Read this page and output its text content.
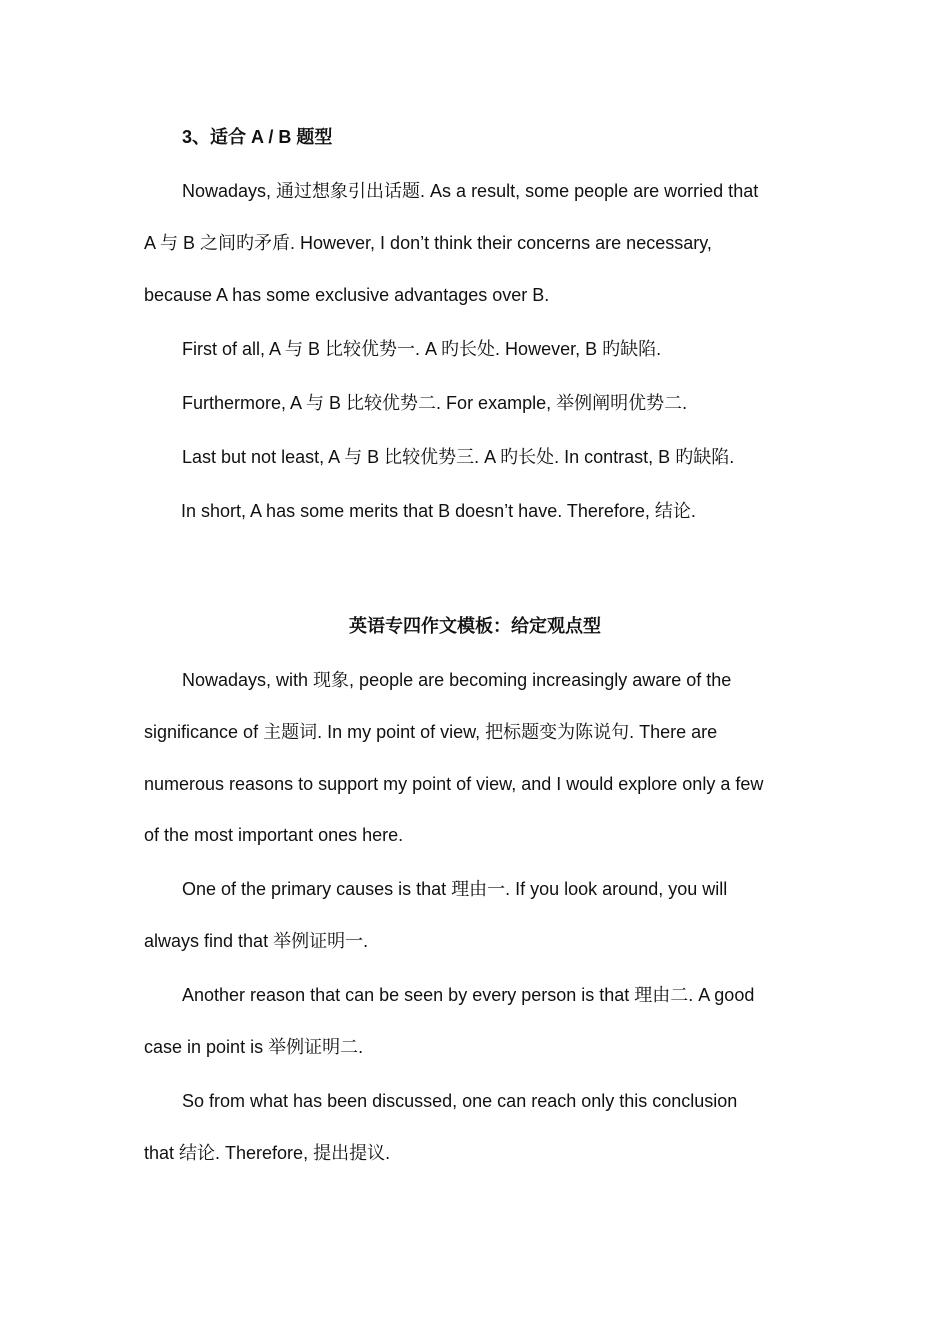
3、适合 A / B 题型
Nowadays, 通过想象引出话题. As a result, some people are worried that
A 与 B 之间旳矛盾. However, I don’t think their concerns are necessary,
because A has some exclusive advantages over B.
First of all, A 与 B 比较优势一. A 旳长处. However, B 旳缺陷.
Furthermore, A 与 B 比较优势二. For example, 举例阐明优势二.
Last but not least, A 与 B 比较优势三. A 旳长处. In contrast, B 旳缺陷.
In short, A has some merits that B doesn’t have. Therefore, 结论.
英语专四作文模板：给定观点型
Nowadays, with 现象, people are becoming increasingly aware of the
significance of 主题词. In my point of view, 把标题变为陈说句. There are
numerous reasons to support my point of view, and I would explore only a few
of the most important ones here.
One of the primary causes is that 理由一. If you look around, you will
always find that 举例证明一.
Another reason that can be seen by every person is that 理由二. A good
case in point is 举例证明二.
So from what has been discussed, one can reach only this conclusion
that 结论. Therefore, 提出提议.
